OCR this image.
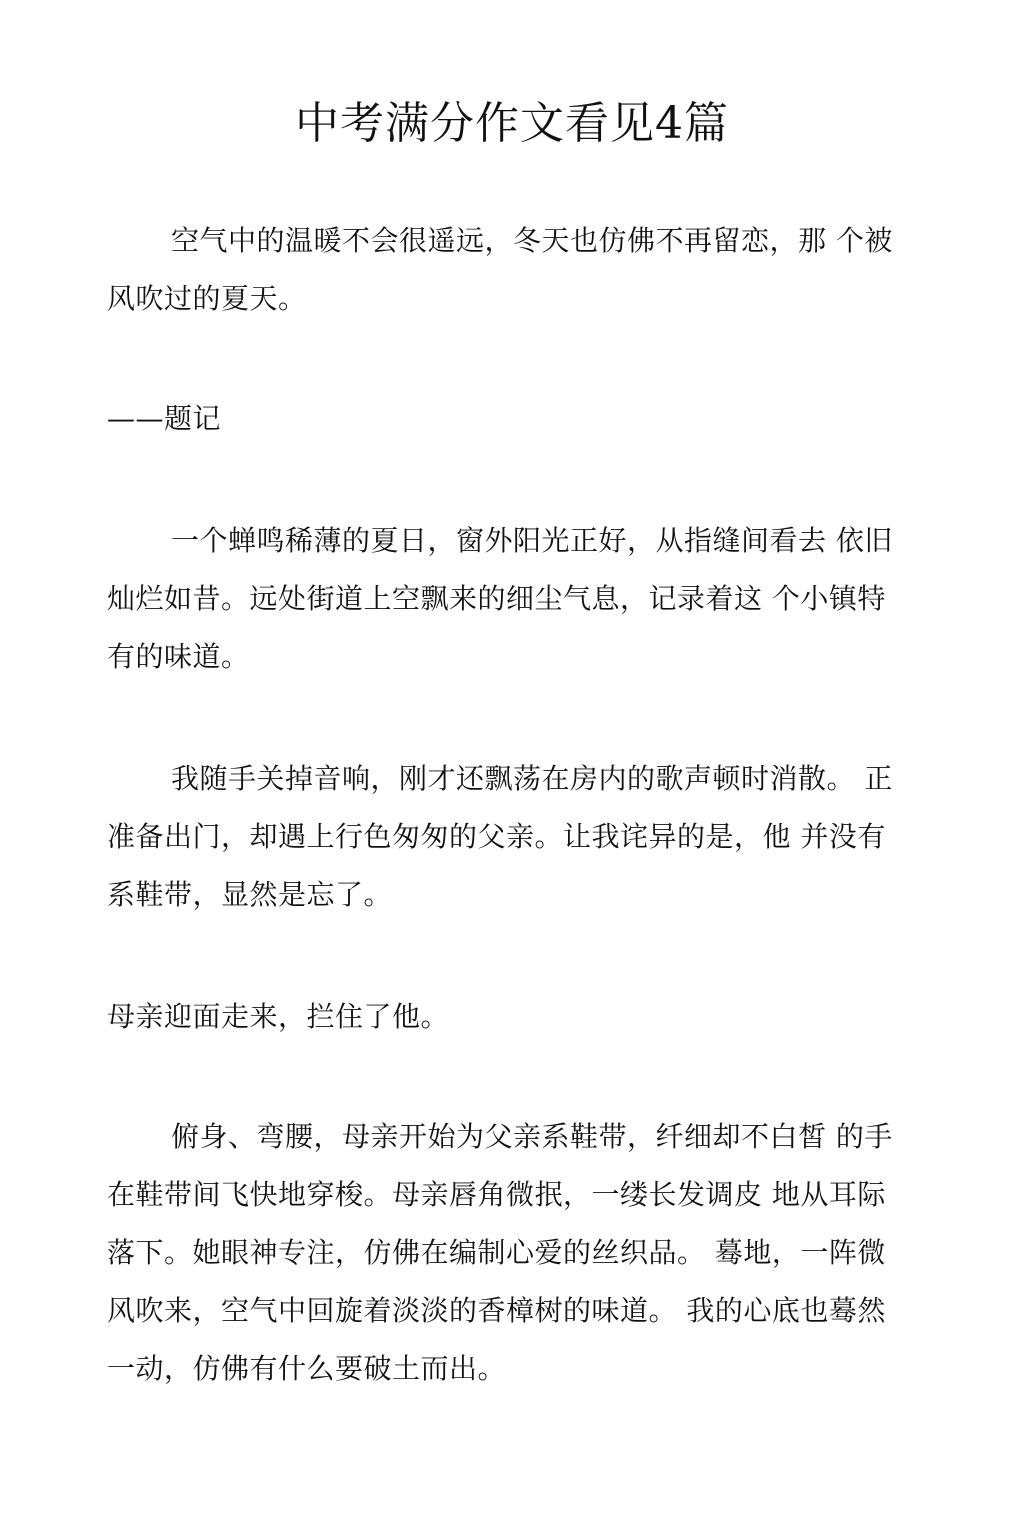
中考满分作文看见4篇

空气中的温暖不会很遥远，冬天也仿佛不再留恋，那 个被
风吹过的夏天。

——题记

一个蝉鸣稀薄的夏日，窗外阳光正好，从指缝间看去 依旧
灿烂如昔。远处街道上空飘来的细尘气息，记录着这 个小镇特
有的味道。

我随手关掉音响，刚才还飘荡在房内的歌声顿时消散。 正
准备出门，却遇上行色匆匆的父亲。让我诧异的是，他 并没有
系鞋带，显然是忘了。

母亲迎面走来，拦住了他。

俯身、弯腰，母亲开始为父亲系鞋带，纤细却不白皙 的手
在鞋带间飞快地穿梭。母亲唇角微抿，一缕长发调皮 地从耳际
落下。她眼神专注，仿佛在编制心爱的丝织品。 蓦地，一阵微
风吹来，空气中回旋着淡淡的香樟树的味道。 我的心底也蓦然
一动，仿佛有什么要破土而出。
